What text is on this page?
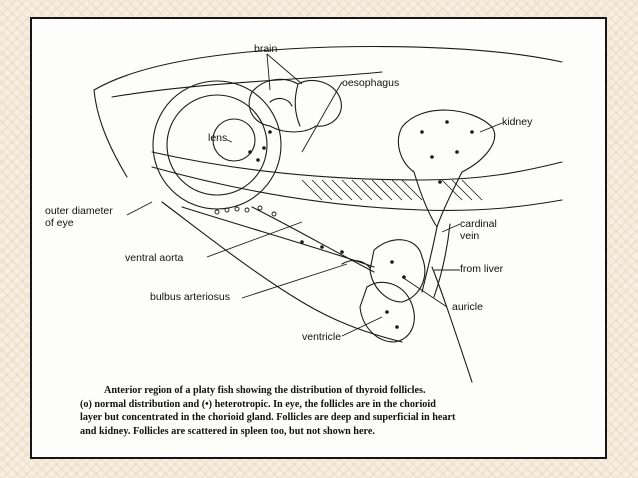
brain
oesophagus
kidney
lens
outer diameter
of eye	cardinal
vein
ventral aorta
from liver
bulbus arteriosus
auricle
ventricle
Anterior region of a platy fish showing the distribution of thyroid follicles.
(o) normal distribution and (•) heterotropic. In eye, the follicles are in the chorioid
layer but concentrated in the chorioid gland. Follicles are deep and superficial in heart
and kidney. Follicles are scattered in spleen too, but not shown here.
